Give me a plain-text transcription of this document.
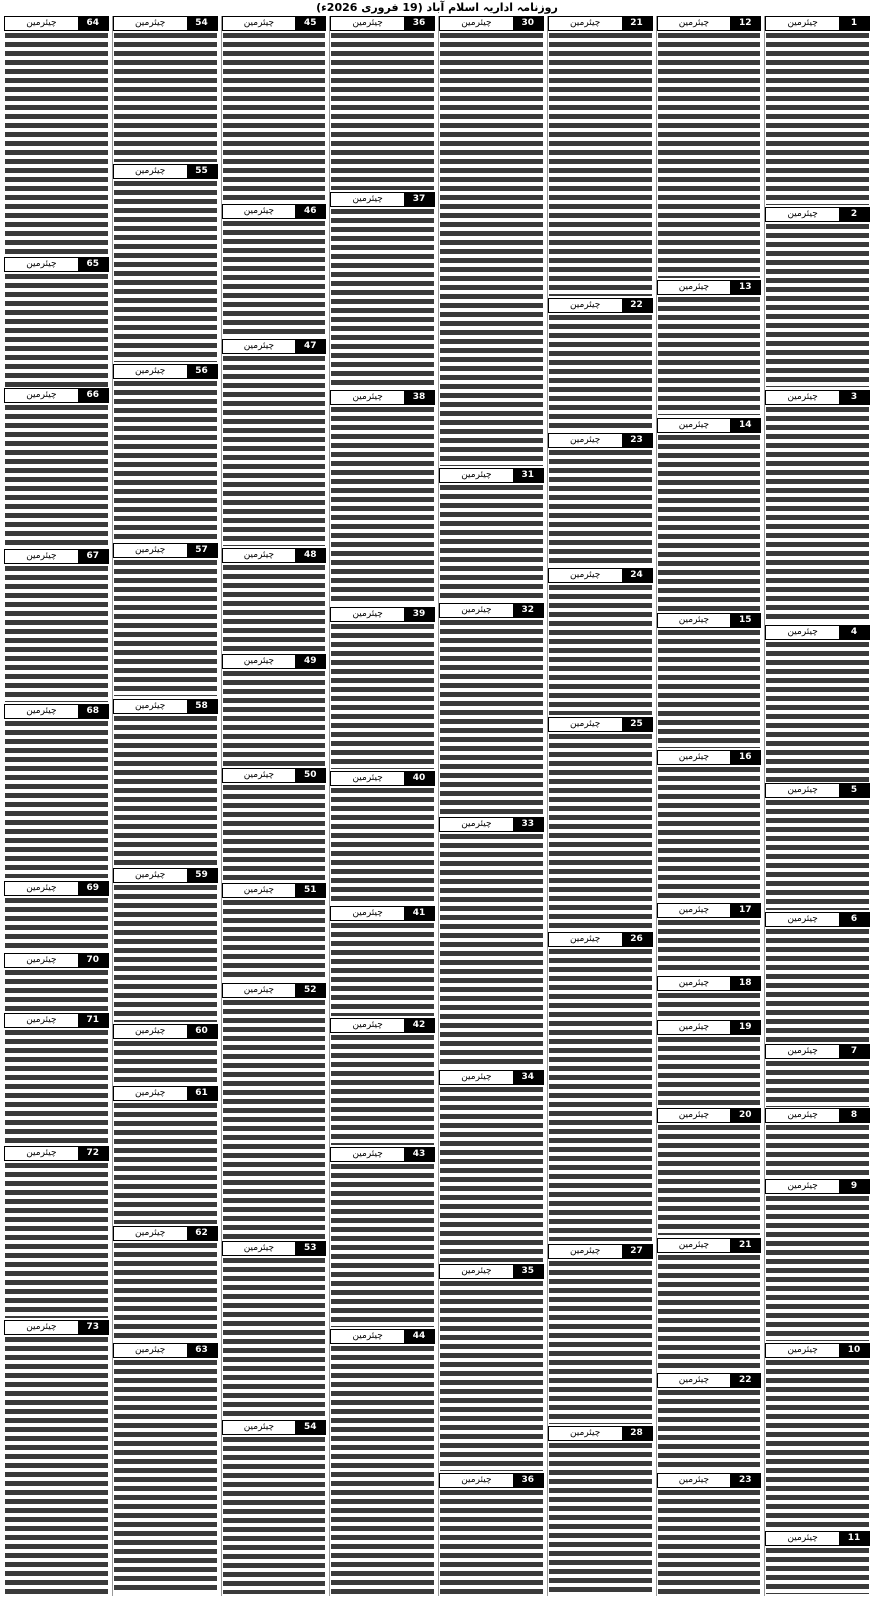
روزنامہ اداریہ اسلام آباد (19 فروری 2026ء)
1
چیئرمین
2
چیئرمین
3
چیئرمین
4
چیئرمین
5
چیئرمین
6
چیئرمین
7
چیئرمین
8
چیئرمین
9
چیئرمین
10
چیئرمین
11
چیئرمین
12
چیئرمین
13
چیئرمین
14
چیئرمین
15
چیئرمین
16
چیئرمین
17
چیئرمین
18
چیئرمین
19
چیئرمین
20
چیئرمین
21
چیئرمین
22
چیئرمین
23
چیئرمین
21
چیئرمین
22
چیئرمین
23
چیئرمین
24
چیئرمین
25
چیئرمین
26
چیئرمین
27
چیئرمین
28
چیئرمین
30
چیئرمین
31
چیئرمین
32
چیئرمین
33
چیئرمین
34
چیئرمین
35
چیئرمین
36
چیئرمین
36
چیئرمین
37
چیئرمین
38
چیئرمین
39
چیئرمین
40
چیئرمین
41
چیئرمین
42
چیئرمین
43
چیئرمین
44
چیئرمین
45
چیئرمین
46
چیئرمین
47
چیئرمین
48
چیئرمین
49
چیئرمین
50
چیئرمین
51
چیئرمین
52
چیئرمین
53
چیئرمین
54
چیئرمین
54
چیئرمین
55
چیئرمین
56
چیئرمین
57
چیئرمین
58
چیئرمین
59
چیئرمین
60
چیئرمین
61
چیئرمین
62
چیئرمین
63
چیئرمین
64
چیئرمین
65
چیئرمین
66
چیئرمین
67
چیئرمین
68
چیئرمین
69
چیئرمین
70
چیئرمین
71
چیئرمین
72
چیئرمین
73
چیئرمین
